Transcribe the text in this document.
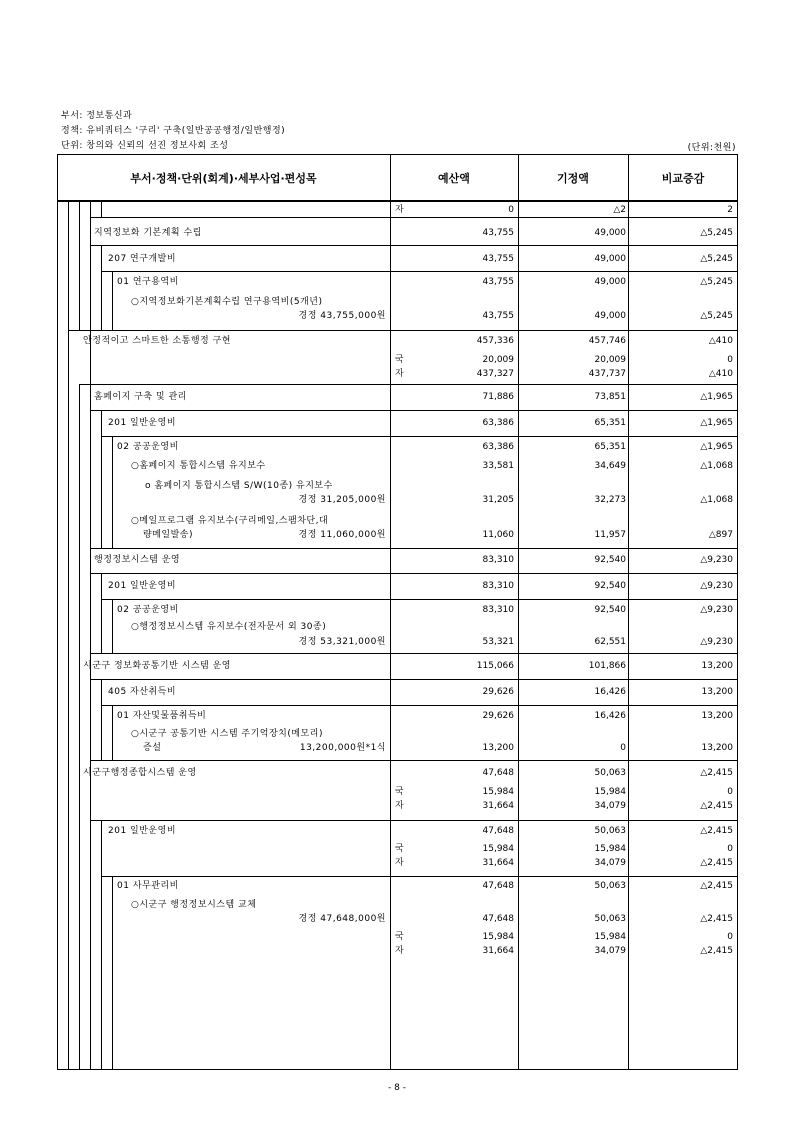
부서: 정보통신과
정책: 유비쿼터스 '구리' 구축(일반공공행정/일반행정)
단위: 창의와 신뢰의 선진 정보사회 조성	(단위:천원)
부서·정책·단위(회계)·세부사업·편성목	예산액	기정액	비교증감
자	0	△2	2
지역정보화 기본계획 수립	43,755	49,000	△5,245
207 연구개발비	43,755	49,000	△5,245
01 연구용역비	43,755	49,000	△5,245
○지역정보화기본계획수립 연구용역비(5개년)
경정 43,755,000원	43,755	49,000	△5,245
안정적이고 스마트한 소통행정 구현	457,336	457,746	△410
국	20,009	20,009	0
자	437,327	437,737	△410
홈페이지 구축 및 관리	71,886	73,851	△1,965
201 일반운영비	63,386	65,351	△1,965
02 공공운영비	63,386	65,351	△1,965
○홈페이지 통합시스템 유지보수	33,581	34,649	△1,068
o 홈페이지 통합시스템 S/W(10종) 유지보수
경정 31,205,000원	31,205	32,273	△1,068
○메일프로그램 유지보수(구리메일,스팸차단,대
량메일발송)	경정 11,060,000원	11,060	11,957	△897
행정정보시스템 운영	83,310	92,540	△9,230
201 일반운영비	83,310	92,540	△9,230
02 공공운영비	83,310	92,540	△9,230
○행정정보시스템 유지보수(전자문서 외 30종)
경정 53,321,000원	53,321	62,551	△9,230
시군구 정보화공통기반 시스템 운영	115,066	101,866	13,200
405 자산취득비	29,626	16,426	13,200
01 자산및물품취득비	29,626	16,426	13,200
○시군구 공통기반 시스템 주기억장치(메모리)
증설	13,200,000원*1식	13,200	0	13,200
시군구행정종합시스템 운영	47,648	50,063	△2,415
국	15,984	15,984	0
자	31,664	34,079	△2,415
201 일반운영비	47,648	50,063	△2,415
국	15,984	15,984	0
자	31,664	34,079	△2,415
01 사무관리비	47,648	50,063	△2,415
○시군구 행정정보시스템 교체
경정 47,648,000원	47,648	50,063	△2,415
국	15,984	15,984	0
자	31,664	34,079	△2,415
- 8 -
